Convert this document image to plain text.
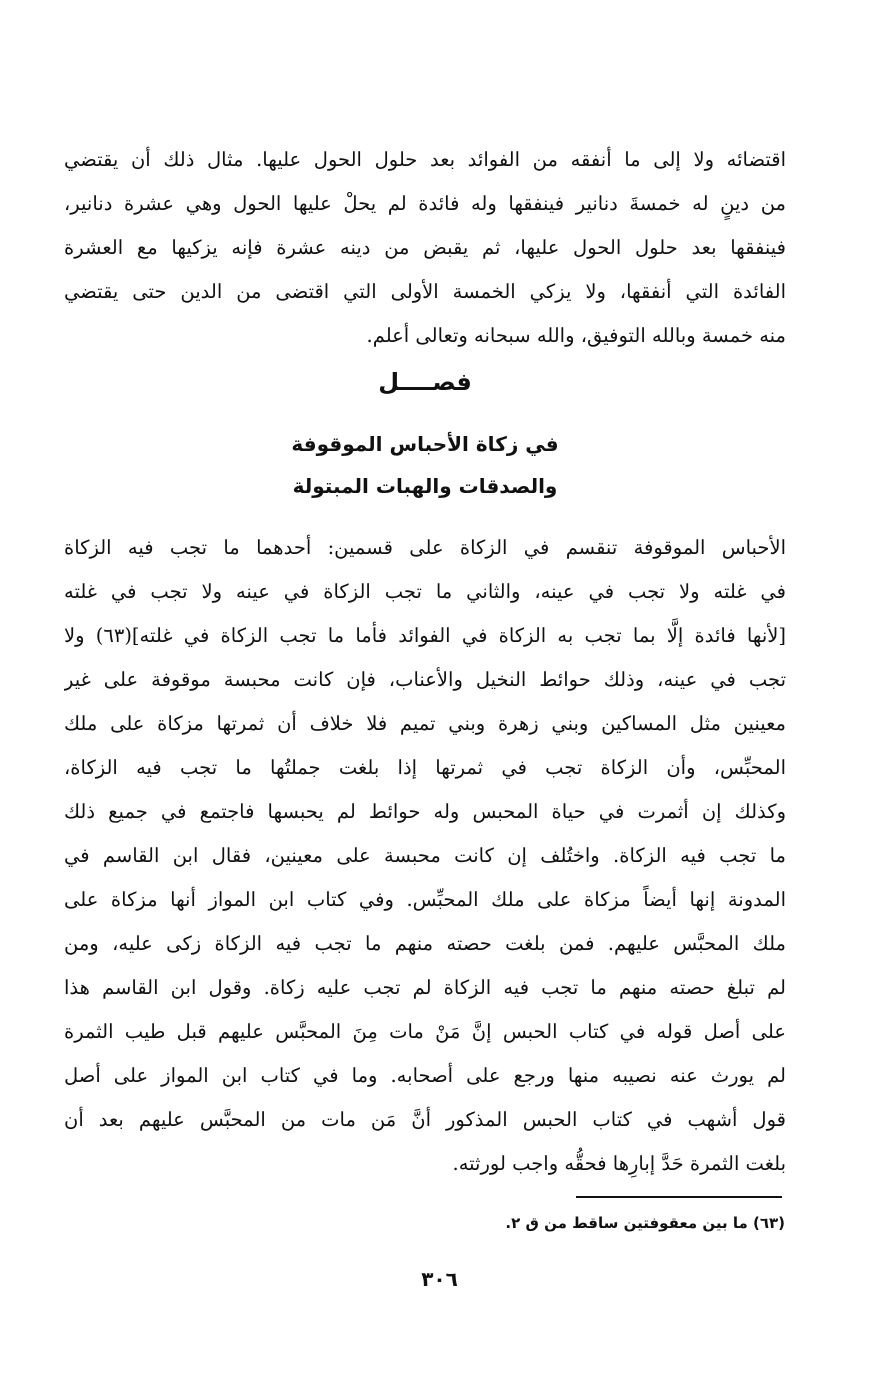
اقتضائه ولا إلى ما أنفقه من الفوائد بعد حلول الحول عليها. مثال ذلك أن يقتضي
من دينٍ له خمسةَ دنانير فينفقها وله فائدة لم يحلْ عليها الحول وهي عشرة دنانير،
فينفقها بعد حلول الحول عليها، ثم يقبض من دينه عشرة فإنه يزكيها مع العشرة
الفائدة التي أنفقها، ولا يزكي الخمسة الأولى التي اقتضى من الدين حتى يقتضي
منه خمسة وبالله التوفيق، والله سبحانه وتعالى أعلم.
فصــــل
في زكاة الأحباس الموقوفة
والصدقات والهبات المبتولة
الأحباس الموقوفة تنقسم في الزكاة على قسمين: أحدهما ما تجب فيه الزكاة
في غلته ولا تجب في عينه، والثاني ما تجب الزكاة في عينه ولا تجب في غلته
[لأنها فائدة إلَّا بما تجب به الزكاة في الفوائد فأما ما تجب الزكاة في غلته](٦٣) ولا
تجب في عينه، وذلك حوائط النخيل والأعناب، فإن كانت محبسة موقوفة على غير
معينين مثل المساكين وبني زهرة وبني تميم فلا خلاف أن ثمرتها مزكاة على ملك
المحبِّس، وأن الزكاة تجب في ثمرتها إذا بلغت جملتُها ما تجب فيه الزكاة،
وكذلك إن أثمرت في حياة المحبس وله حوائط لم يحبسها فاجتمع في جميع ذلك
ما تجب فيه الزكاة. واختُلف إن كانت محبسة على معينين، فقال ابن القاسم في
المدونة إنها أيضاً مزكاة على ملك المحبِّس. وفي كتاب ابن المواز أنها مزكاة على
ملك المحبَّس عليهم. فمن بلغت حصته منهم ما تجب فيه الزكاة زكى عليه، ومن
لم تبلغ حصته منهم ما تجب فيه الزكاة لم تجب عليه زكاة. وقول ابن القاسم هذا
على أصل قوله في كتاب الحبس إنَّ مَنْ مات مِنَ المحبَّس عليهم قبل طيب الثمرة
لم يورث عنه نصيبه منها ورجع على أصحابه. وما في كتاب ابن المواز على أصل
قول أشهب في كتاب الحبس المذكور أنَّ مَن مات من المحبَّس عليهم بعد أن
بلغت الثمرة حَدَّ إبارِها فحقُّه واجب لورثته.
(٦٣) ما بين معقوفتين ساقط من ق ٢.
٣٠٦
